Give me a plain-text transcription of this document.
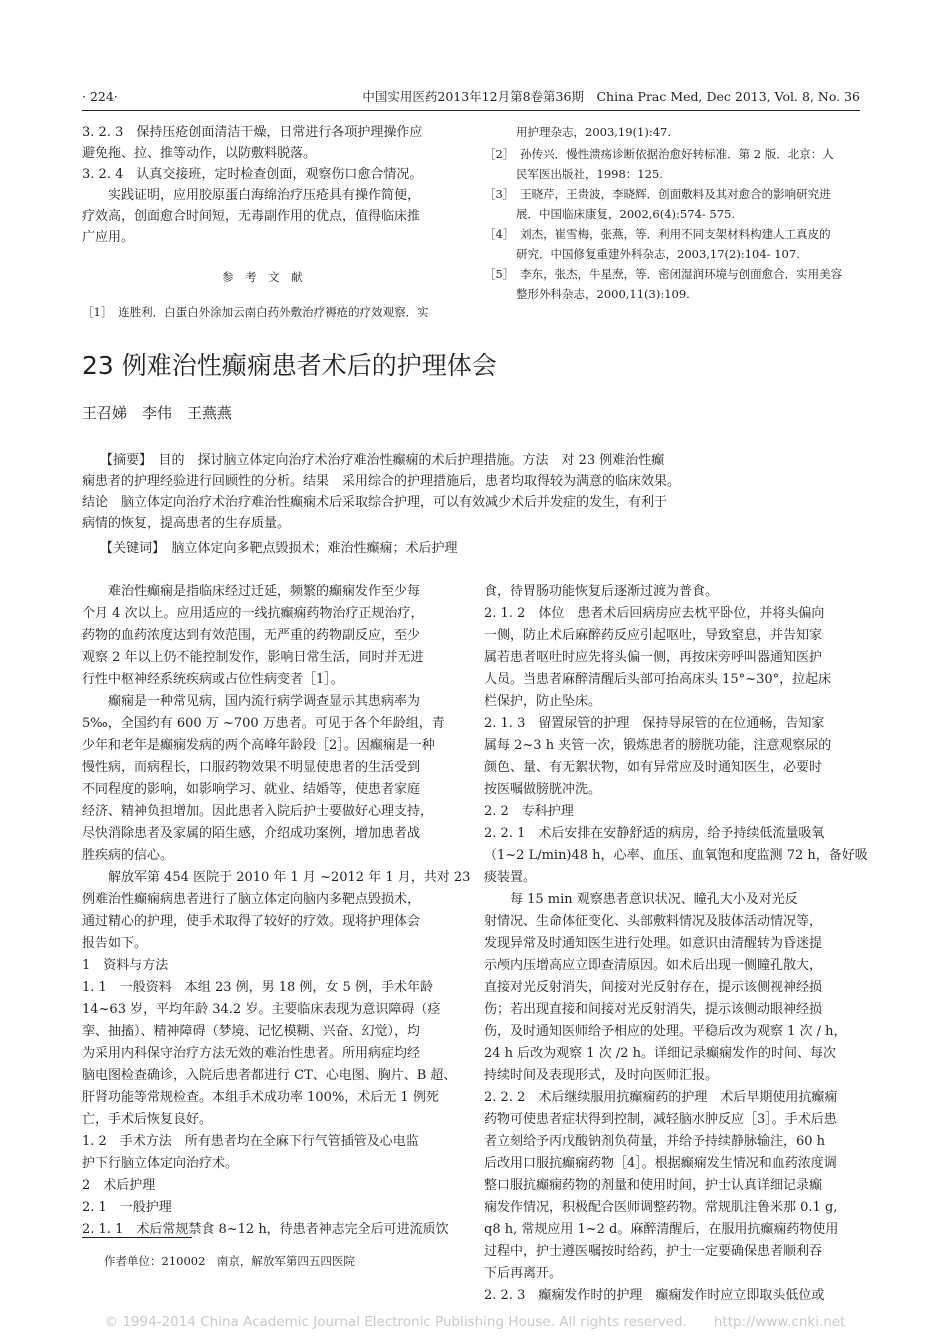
· 224·	中国实用医药2013年12月第8卷第36期　China Prac Med, Dec 2013, Vol. 8, No. 36
3. 2. 3　保持压疮创面清洁干燥，日常进行各项护理操作应
避免拖、拉、推等动作，以防敷料脱落。
3. 2. 4　认真交接班，定时检查创面，观察伤口愈合情况。
　　实践证明，应用胶原蛋白海绵治疗压疮具有操作简便，
疗效高，创面愈合时间短，无毒副作用的优点，值得临床推
广应用。
参　考　文　献
［1］　连胜利．白蛋白外涂加云南白药外敷治疗褥疮的疗效观察．实
用护理杂志，2003,19(1):47.
［2］　孙传兴．慢性溃疡诊断依据治愈好转标准．第 2 版．北京：人
民军医出版社，1998：125.
［3］　王晓芹，王贵波，李晓辉．创面敷料及其对愈合的影响研究进
展．中国临床康复，2002,6(4):574- 575.
［4］　刘杰，崔雪梅，张燕，等．利用不同支架材料构建人工真皮的
研究．中国修复重建外科杂志，2003,17(2):104- 107.
［5］　李东，张杰，牛星焘，等．密闭湿润环境与创面愈合．实用美容
整形外科杂志，2000,11(3):109.
23 例难治性癫痫患者术后的护理体会
王召娣　李伟　王燕燕
【摘要】　目的　探讨脑立体定向治疗术治疗难治性癫痫的术后护理措施。方法　对 23 例难治性癫
痫患者的护理经验进行回顾性的分析。结果　采用综合的护理措施后，患者均取得较为满意的临床效果。
结论　脑立体定向治疗术治疗难治性癫痫术后采取综合护理，可以有效减少术后并发症的发生，有利于
病情的恢复，提高患者的生存质量。
【关键词】　脑立体定向多靶点毁损术；难治性癫痫；术后护理
　　难治性癫痫是指临床经过迁延，频繁的癫痫发作至少每
个月 4 次以上。应用适应的一线抗癫痫药物治疗正规治疗，
药物的血药浓度达到有效范围，无严重的药物副反应，至少
观察 2 年以上仍不能控制发作，影响日常生活，同时并无进
行性中枢神经系统疾病或占位性病变者［1］。
　　癫痫是一种常见病，国内流行病学调查显示其患病率为
5‰，全国约有 600 万 ~700 万患者。可见于各个年龄组，青
少年和老年是癫痫发病的两个高峰年龄段［2］。因癫痫是一种
慢性病，而病程长，口服药物效果不明显使患者的生活受到
不同程度的影响，如影响学习、就业、结婚等，使患者家庭
经济、精神负担增加。因此患者入院后护士要做好心理支持，
尽快消除患者及家属的陌生感，介绍成功案例，增加患者战
胜疾病的信心。
　　解放军第 454 医院于 2010 年 1 月 ~2012 年 1 月，共对 23
例难治性癫痫病患者进行了脑立体定向脑内多靶点毁损术，
通过精心的护理，使手术取得了较好的疗效。现将护理体会
报告如下。
1　资料与方法
1. 1　一般资料　本组 23 例，男 18 例，女 5 例，手术年龄
14~63 岁，平均年龄 34.2 岁。主要临床表现为意识障碍（痉
挛、抽搐）、精神障碍（梦境、记忆模糊、兴奋、幻觉），均
为采用内科保守治疗方法无效的难治性患者。所用病症均经
脑电图检查确诊，入院后患者都进行 CT、心电图、胸片、B 超、
肝肾功能等常规检查。本组手术成功率 100%，术后无 1 例死
亡，手术后恢复良好。
1. 2　手术方法　所有患者均在全麻下行气管插管及心电监
护下行脑立体定向治疗术。
2　术后护理
2. 1　一般护理
2. 1. 1　术后常规禁食 8~12 h，待患者神志完全后可进流质饮
作者单位：210002　南京，解放军第四五四医院
食，待胃肠功能恢复后逐渐过渡为普食。
2. 1. 2　体位　患者术后回病房应去枕平卧位，并将头偏向
一侧，防止术后麻醉药反应引起呕吐，导致窒息，并告知家
属若患者呕吐时应先将头偏一侧，再按床旁呼叫器通知医护
人员。当患者麻醉清醒后头部可抬高床头 15°~30°，拉起床
栏保护，防止坠床。
2. 1. 3　留置尿管的护理　保持导尿管的在位通畅，告知家
属每 2~3 h 夹管一次，锻炼患者的膀胱功能，注意观察尿的
颜色、量、有无絮状物，如有异常应及时通知医生，必要时
按医嘱做膀胱冲洗。
2. 2　专科护理
2. 2. 1　术后安排在安静舒适的病房，给予持续低流量吸氧
（1~2 L/min)48 h，心率、血压、血氧饱和度监测 72 h，备好吸
痰装置。
　　每 15 min 观察患者意识状况、瞳孔大小及对光反
射情况、生命体征变化、头部敷料情况及肢体活动情况等，
发现异常及时通知医生进行处理。如意识由清醒转为昏迷提
示颅内压增高应立即查清原因。如术后出现一侧瞳孔散大，
直接对光反射消失，间接对光反射存在，提示该侧视神经损
伤；若出现直接和间接对光反射消失，提示该侧动眼神经损
伤，及时通知医师给予相应的处理。平稳后改为观察 1 次 / h，
24 h 后改为观察 1 次 /2 h。详细记录癫痫发作的时间、每次
持续时间及表现形式，及时向医师汇报。
2. 2. 2　术后继续服用抗癫痫药的护理　术后早期使用抗癫痫
药物可使患者症状得到控制，减轻脑水肿反应［3］。手术后患
者立刻给予丙戊酸钠剂负荷量，并给予持续静脉输注，60 h
后改用口服抗癫痫药物［4］。根据癫痫发生情况和血药浓度调
整口服抗癫痫药物的剂量和使用时间，护士认真详细记录癫
痫发作情况，积极配合医师调整药物。常规肌注鲁米那 0.1 g,
q8 h, 常规应用 1~2 d。麻醉清醒后，在服用抗癫痫药物使用
过程中，护士遵医嘱按时给药，护士一定要确保患者顺利吞
下后再离开。
2. 2. 3　癫痫发作时的护理　癫痫发作时应立即取头低位或
© 1994-2014 China Academic Journal Electronic Publishing House. All rights reserved.　　http://www.cnki.net
